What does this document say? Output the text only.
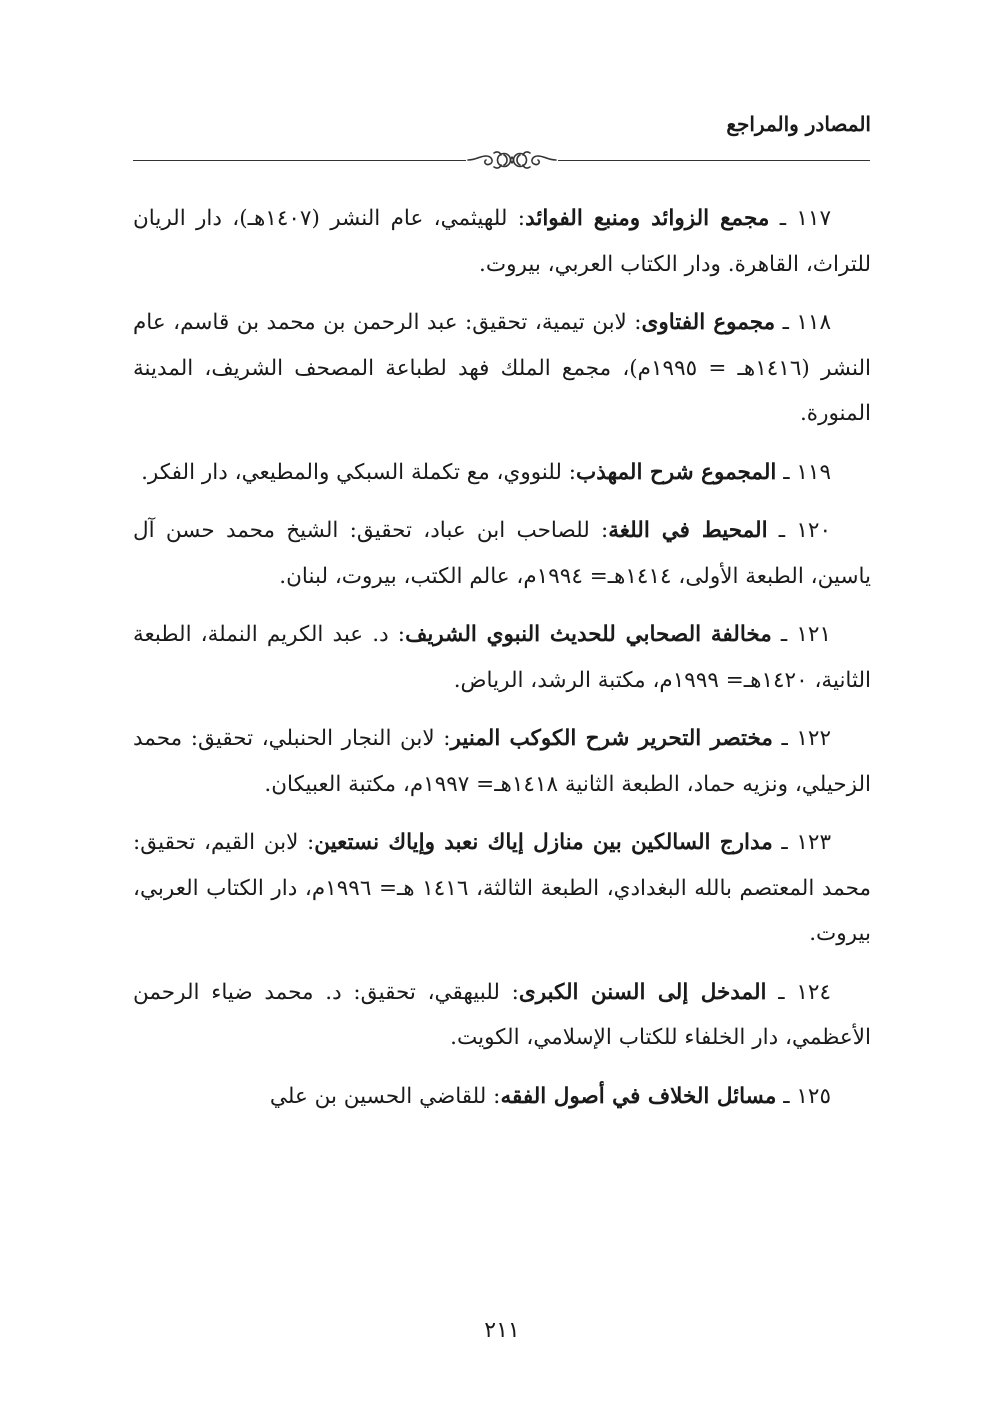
المصادر والمراجع

١١٧ ـ مجمع الزوائد ومنبع الفوائد: للهيثمي، عام النشر (١٤٠٧هـ)، دار الريان للتراث، القاهرة. ودار الكتاب العربي، بيروت.

١١٨ ـ مجموع الفتاوى: لابن تيمية، تحقيق: عبد الرحمن بن محمد بن قاسم، عام النشر (١٤١٦هـ = ١٩٩٥م)، مجمع الملك فهد لطباعة المصحف الشريف، المدينة المنورة.

١١٩ ـ المجموع شرح المهذب: للنووي، مع تكملة السبكي والمطيعي، دار الفكر.

١٢٠ ـ المحيط في اللغة: للصاحب ابن عباد، تحقيق: الشيخ محمد حسن آل ياسين، الطبعة الأولى، ١٤١٤هـ= ١٩٩٤م، عالم الكتب، بيروت، لبنان.

١٢١ ـ مخالفة الصحابي للحديث النبوي الشريف: د. عبد الكريم النملة، الطبعة الثانية، ١٤٢٠هـ= ١٩٩٩م، مكتبة الرشد، الرياض.

١٢٢ ـ مختصر التحرير شرح الكوكب المنير: لابن النجار الحنبلي، تحقيق: محمد الزحيلي، ونزيه حماد، الطبعة الثانية ١٤١٨هـ= ١٩٩٧م، مكتبة العبيكان.

١٢٣ ـ مدارج السالكين بين منازل إياك نعبد وإياك نستعين: لابن القيم، تحقيق: محمد المعتصم بالله البغدادي، الطبعة الثالثة، ١٤١٦ هـ= ١٩٩٦م، دار الكتاب العربي، بيروت.

١٢٤ ـ المدخل إلى السنن الكبرى: للبيهقي، تحقيق: د. محمد ضياء الرحمن الأعظمي، دار الخلفاء للكتاب الإسلامي، الكويت.

١٢٥ ـ مسائل الخلاف في أصول الفقه: للقاضي الحسين بن علي

٢١١
